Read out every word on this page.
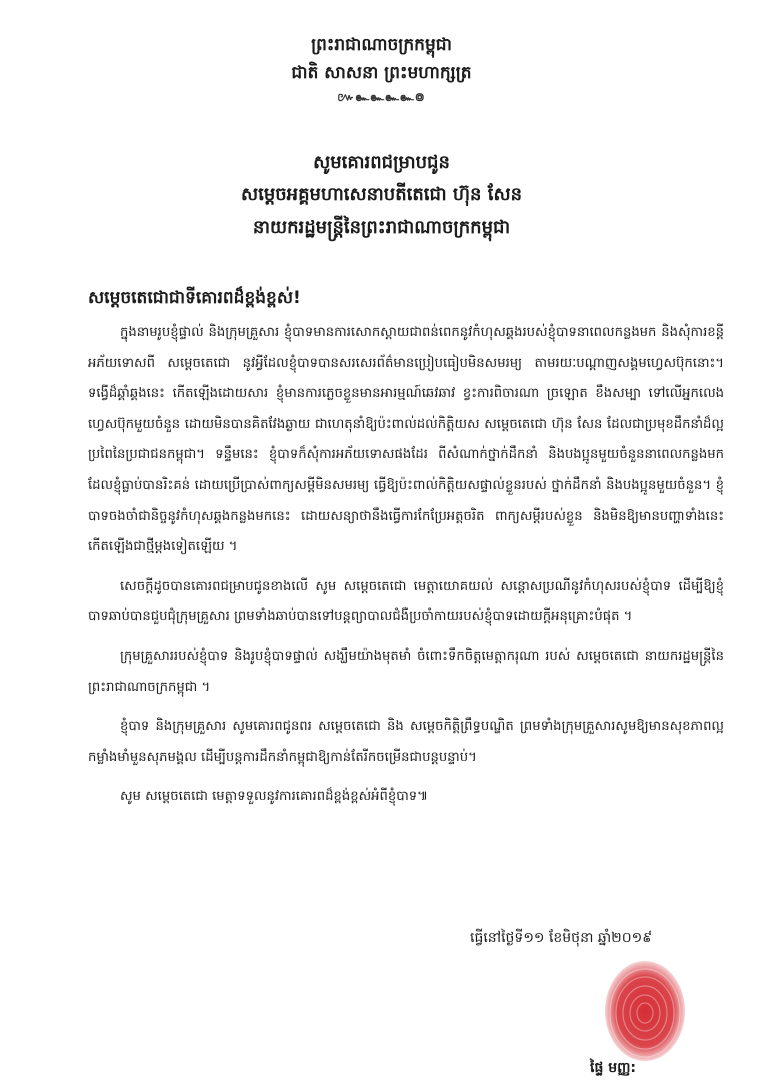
ព្រះរាជាណាចក្រកម្ពុជា
ជាតិ សាសនា ព្រះមហាក្សត្រ
៚๛๛๛๛៙
សូមគោរពជម្រាបជូន
សម្តេចអគ្គមហាសេនាបតីតេជោ ហ៊ុន សែន
នាយករដ្ឋមន្ត្រីនៃព្រះរាជាណាចក្រកម្ពុជា
សម្តេចតេជោជាទីគោរពដ៏ខ្ពង់ខ្ពស់!

ក្នុងនាមរូបខ្ញុំផ្ទាល់ និងក្រុមគ្រួសារ ខ្ញុំបាទមានការសោកស្តាយជាពន់ពេកនូវកំហុសឆ្គងរបស់ខ្ញុំបាទនាពេលកន្លងមក និងសុំការខន្តីអភ័យទោសពី សម្តេចតេជោ នូវអ្វីដែលខ្ញុំបាទបានសរសេរព័ត៌មានប្រៀបធៀបមិនសមរម្យ តាមរយៈបណ្តាញសង្គមហ្វេសប៊ុកនោះ។ ទង្វើដ៏ឆ្គាំឆ្គងនេះ កើតឡើងដោយសារ ខ្ញុំមានការភ្លេចខ្លួនមានអារម្មណ៍ឆេវឆាវ ខ្វះការពិចារណា ច្រឡោត ខឹងសម្បា ទៅលើអ្នកលេងហ្វេសប៊ុកមួយចំនួន ដោយមិនបានគិតវែងឆ្ងាយ ជាហេតុនាំឱ្យប៉ះពាល់ដល់កិត្តិយស សម្តេចតេជោ ហ៊ុន សែន ដែលជាប្រមុខដឹកនាំដ៏ល្អប្រពៃនៃប្រជាជនកម្ពុជា។ ទន្ទឹមនេះ ខ្ញុំបាទក៏សុំការអភ័យទោសផងដែរ ពីសំណាក់ថ្នាក់ដឹកនាំ និងបងប្អូនមួយចំនួននាពេលកន្លងមក ដែលខ្ញុំធ្លាប់បានរិះគន់ ដោយប្រើប្រាស់ពាក្យសម្តីមិនសមរម្យ ធ្វើឱ្យប៉ះពាល់កិត្តិយសផ្ទាល់ខ្លួនរបស់ ថ្នាក់ដឹកនាំ និងបងប្អូនមួយចំនួន។ ខ្ញុំបាទចងចាំជានិច្ចនូវកំហុសឆ្គងកន្លងមកនេះ ដោយសន្យាថានឹងធ្វើការកែប្រែអត្តចរិត ពាក្យសម្តីរបស់ខ្លួន និងមិនឱ្យមានបញ្ហាទាំងនេះកើតឡើងជាថ្មីម្តងទៀតឡើយ ។

សេចក្តីដូចបានគោរពជម្រាបជូនខាងលើ សូម សម្តេចតេជោ មេត្តាយោគយល់ សន្តោសប្រណីនូវកំហុសរបស់ខ្ញុំបាទ ដើម្បីឱ្យខ្ញុំបាទឆាប់បានជួបជុំក្រុមគ្រួសារ ព្រមទាំងឆាប់បានទៅបន្តព្យាបាលជំងឺប្រចាំកាយរបស់ខ្ញុំបាទដោយក្តីអនុគ្រោះបំផុត ។

ក្រុមគ្រួសាររបស់ខ្ញុំបាទ និងរូបខ្ញុំបាទផ្ទាល់ សង្ឃឹមយ៉ាងមុតមាំ ចំពោះទឹកចិត្តមេត្តាករុណា របស់ សម្តេចតេជោ នាយករដ្ឋមន្ត្រីនៃព្រះរាជាណាចក្រកម្ពុជា ។

ខ្ញុំបាទ និងក្រុមគ្រួសារ សូមគោរពជូនពរ សម្តេចតេជោ និង សម្តេចកិត្តិព្រឹទ្ធបណ្ឌិត ព្រមទាំងក្រុមគ្រួសារសូមឱ្យមានសុខភាពល្អ កម្លាំងមាំមួនសុភមង្គល ដើម្បីបន្តការដឹកនាំកម្ពុជាឱ្យកាន់តែរីកចម្រើនជាបន្តបន្ទាប់។

សូម សម្តេចតេជោ មេត្តាទទួលនូវការគោរពដ៏ខ្ពង់ខ្ពស់អំពីខ្ញុំបាទ៕

ធ្វើនៅថ្ងៃទី១១ ខែមិថុនា ឆ្នាំ២០១៩
ផ្ទៃ មញ្ញ:
